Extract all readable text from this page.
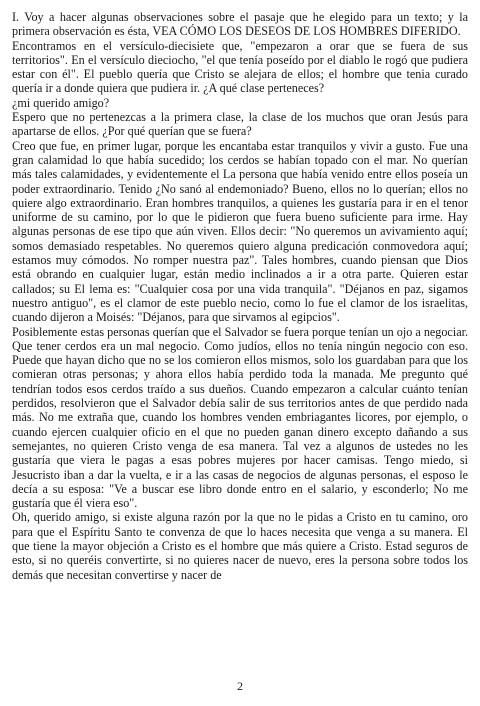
I. Voy a hacer algunas observaciones sobre el pasaje que he elegido para un texto; y la primera observación es ésta, VEA CÓMO LOS DESEOS DE LOS HOMBRES DIFERIDO.

Encontramos en el versículo-diecisiete que, "empezaron a orar que se fuera de sus territorios". En el versículo dieciocho, "el que tenía poseído por el diablo le rogó que pudiera estar con él". El pueblo quería que Cristo se alejara de ellos; el hombre que tenia curado quería ir a donde quiera que pudiera ir. ¿A qué clase perteneces?

¿mi querido amigo?

Espero que no pertenezcas a la primera clase, la clase de los muchos que oran Jesús para apartarse de ellos. ¿Por qué querían que se fuera?

Creo que fue, en primer lugar, porque les encantaba estar tranquilos y vivir a gusto. Fue una gran calamidad lo que había sucedido; los cerdos se habían topado con el mar. No querían más tales calamidades, y evidentemente el La persona que había venido entre ellos poseía un poder extraordinario. Tenido ¿No sanó al endemoniado? Bueno, ellos no lo querían; ellos no quiere algo extraordinario. Eran hombres tranquilos, a quienes les gustaría para ir en el tenor uniforme de su camino, por lo que le pidieron que fuera bueno suficiente para irme. Hay algunas personas de ese tipo que aún viven. Ellos decir: "No queremos un avivamiento aquí; somos demasiado respetables. No queremos quiero alguna predicación conmovedora aquí; estamos muy cómodos. No romper nuestra paz". Tales hombres, cuando piensan que Dios está obrando en cualquier lugar, están medio inclinados a ir a otra parte. Quieren estar callados; su El lema es: "Cualquier cosa por una vida tranquila". "Déjanos en paz, sigamos nuestro antiguo", es el clamor de este pueblo necio, como lo fue el clamor de los israelitas, cuando dijeron a Moisés: "Déjanos, para que sirvamos al egipcios".

Posiblemente estas personas querían que el Salvador se fuera porque tenían un ojo a negociar. Que tener cerdos era un mal negocio. Como judíos, ellos no tenía ningún negocio con eso. Puede que hayan dicho que no se los comieron ellos mismos, solo los guardaban para que los comieran otras personas; y ahora ellos había perdido toda la manada. Me pregunto qué tendrían todos esos cerdos traído a sus dueños. Cuando empezaron a calcular cuánto tenían perdidos, resolvieron que el Salvador debía salir de sus territorios antes de que perdido nada más. No me extraña que, cuando los hombres venden embriagantes licores, por ejemplo, o cuando ejercen cualquier oficio en el que no pueden ganan dinero excepto dañando a sus semejantes, no quieren Cristo venga de esa manera. Tal vez a algunos de ustedes no les gustaría que viera le pagas a esas pobres mujeres por hacer camisas. Tengo miedo, si Jesucristo iban a dar la vuelta, e ir a las casas de negocios de algunas personas, el esposo le decía a su esposa: "Ve a buscar ese libro donde entro en el salario, y esconderlo; No me gustaría que él viera eso".

Oh, querido amigo, si existe alguna razón por la que no le pidas a Cristo en tu camino, oro para que el Espíritu Santo te convenza de que lo haces necesita que venga a su manera. El que tiene la mayor objeción a Cristo es el hombre que más quiere a Cristo. Estad seguros de esto, si no queréis convertirte, si no quieres nacer de nuevo, eres la persona sobre todos los demás que necesitan convertirse y nacer de

2
